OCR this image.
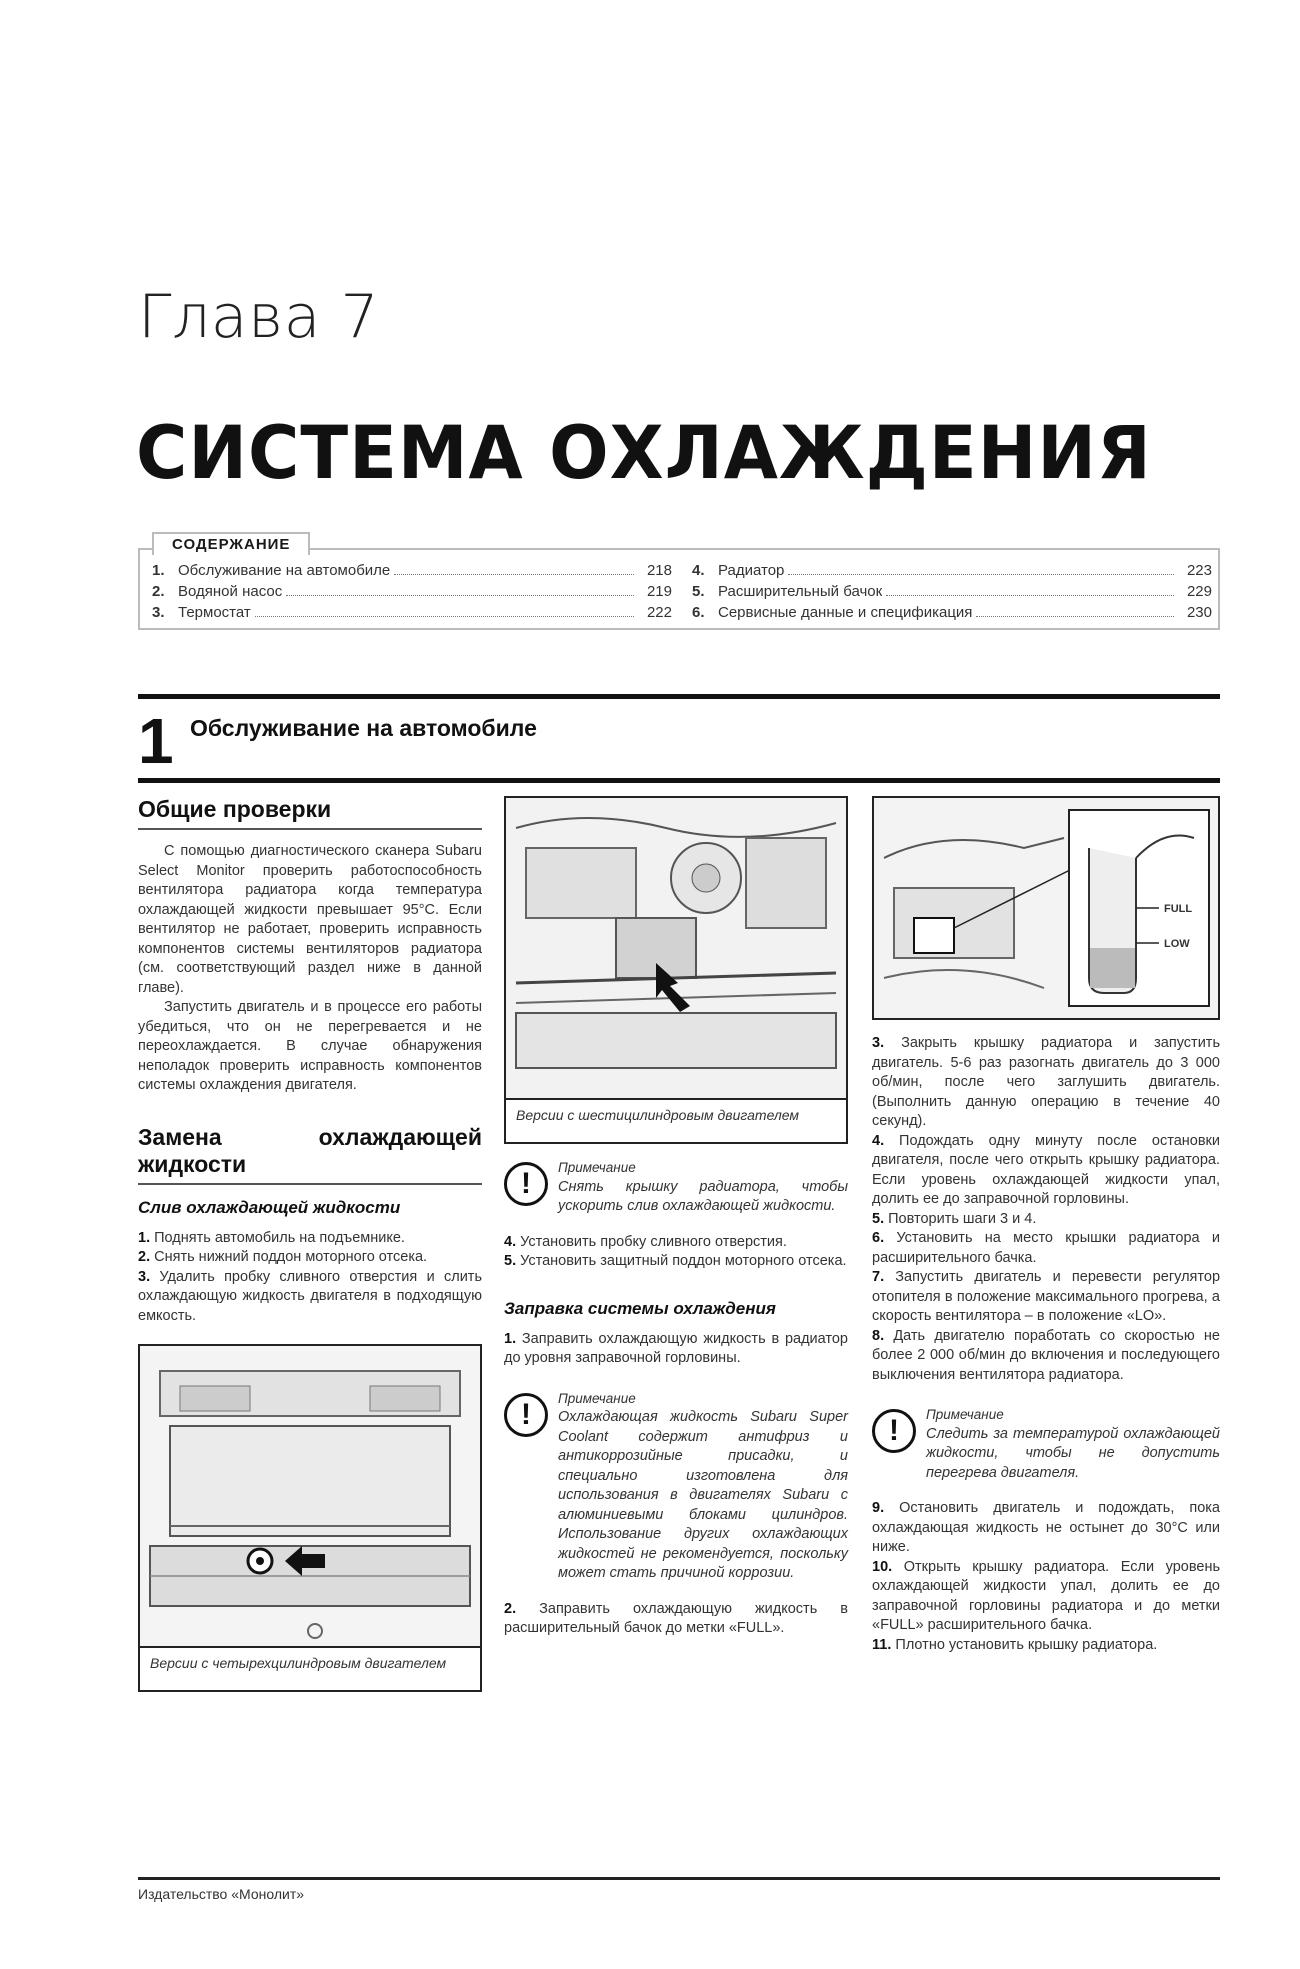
Глава 7
СИСТЕМА ОХЛАЖДЕНИЯ
СОДЕРЖАНИЕ
1. Обслуживание на автомобиле	218
2. Водяной насос	219
3. Термостат	222
4. Радиатор	223
5. Расширительный бачок	229
6. Сервисные данные и спецификация	230
1 Обслуживание на автомобиле
Общие проверки
С помощью диагностического сканера Subaru Select Monitor проверить работоспособность вентилятора радиатора когда температура охлаждающей жидкости превышает 95°С. Если вентилятор не работает, проверить исправность компонентов системы вентиляторов радиатора (см. соответствующий раздел ниже в данной главе).
Запустить двигатель и в процессе его работы убедиться, что он не перегревается и не переохлаждается. В случае обнаружения неполадок проверить исправность компонентов системы охлаждения двигателя.
Замена охлаждающей жидкости
Слив охлаждающей жидкости
1. Поднять автомобиль на подъемнике.
2. Снять нижний поддон моторного отсека.
3. Удалить пробку сливного отверстия и слить охлаждающую жидкость двигателя в подходящую емкость.
Версии с четырехцилиндровым двигателем
Версии с шестицилиндровым двигателем
!	Примечание
Снять крышку радиатора, чтобы ускорить слив охлаждающей жидкости.
4. Установить пробку сливного отверстия.
5. Установить защитный поддон моторного отсека.
Заправка системы охлаждения
1. Заправить охлаждающую жидкость в радиатор до уровня заправочной горловины.
!	Примечание
Охлаждающая жидкость Subaru Super Coolant содержит антифриз и антикоррозийные присадки, и специально изготовлена для использования в двигателях Subaru с алюминиевыми блоками цилиндров. Использование других охлаждающих жидкостей не рекомендуется, поскольку может стать причиной коррозии.
2. Заправить охлаждающую жидкость в расширительный бачок до метки «FULL».
FULL
LOW
3. Закрыть крышку радиатора и запустить двигатель. 5-6 раз разогнать двигатель до 3 000 об/мин, после чего заглушить двигатель. (Выполнить данную операцию в течение 40 секунд).
4. Подождать одну минуту после остановки двигателя, после чего открыть крышку радиатора. Если уровень охлаждающей жидкости упал, долить ее до заправочной горловины.
5. Повторить шаги 3 и 4.
6. Установить на место крышки радиатора и расширительного бачка.
7. Запустить двигатель и перевести регулятор отопителя в положение максимального прогрева, а скорость вентилятора – в положение «LO».
8. Дать двигателю поработать со скоростью не более 2 000 об/мин до включения и последующего выключения вентилятора радиатора.
!	Примечание
Следить за температурой охлаждающей жидкости, чтобы не допустить перегрева двигателя.
9. Остановить двигатель и подождать, пока охлаждающая жидкость не остынет до 30°С или ниже.
10. Открыть крышку радиатора. Если уровень охлаждающей жидкости упал, долить ее до заправочной горловины радиатора и до метки «FULL» расширительного бачка.
11. Плотно установить крышку радиатора.
Издательство «Монолит»
